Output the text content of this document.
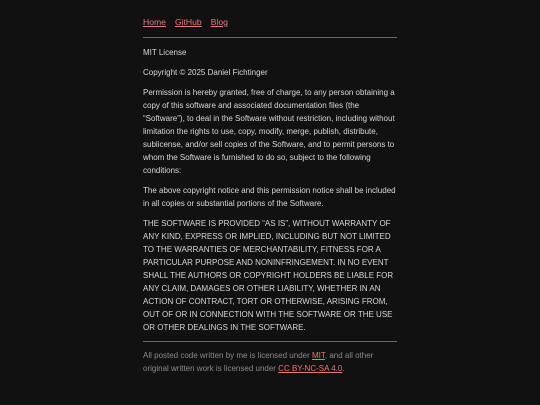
Home GitHub Blog

MIT License

Copyright © 2025 Daniel Fichtinger

Permission is hereby granted, free of charge, to any person obtaining a copy of this software and associated documentation files (the “Software”), to deal in the Software without restriction, including without limitation the rights to use, copy, modify, merge, publish, distribute, sublicense, and/or sell copies of the Software, and to permit persons to whom the Software is furnished to do so, subject to the following conditions:

The above copyright notice and this permission notice shall be included in all copies or substantial portions of the Software.

THE SOFTWARE IS PROVIDED “AS IS”, WITHOUT WARRANTY OF ANY KIND, EXPRESS OR IMPLIED, INCLUDING BUT NOT LIMITED TO THE WARRANTIES OF MERCHANTABILITY, FITNESS FOR A PARTICULAR PURPOSE AND NONINFRINGEMENT. IN NO EVENT SHALL THE AUTHORS OR COPYRIGHT HOLDERS BE LIABLE FOR ANY CLAIM, DAMAGES OR OTHER LIABILITY, WHETHER IN AN ACTION OF CONTRACT, TORT OR OTHERWISE, ARISING FROM, OUT OF OR IN CONNECTION WITH THE SOFTWARE OR THE USE OR OTHER DEALINGS IN THE SOFTWARE.

All posted code written by me is licensed under MIT, and all other original written work is licensed under CC BY-NC-SA 4.0.
